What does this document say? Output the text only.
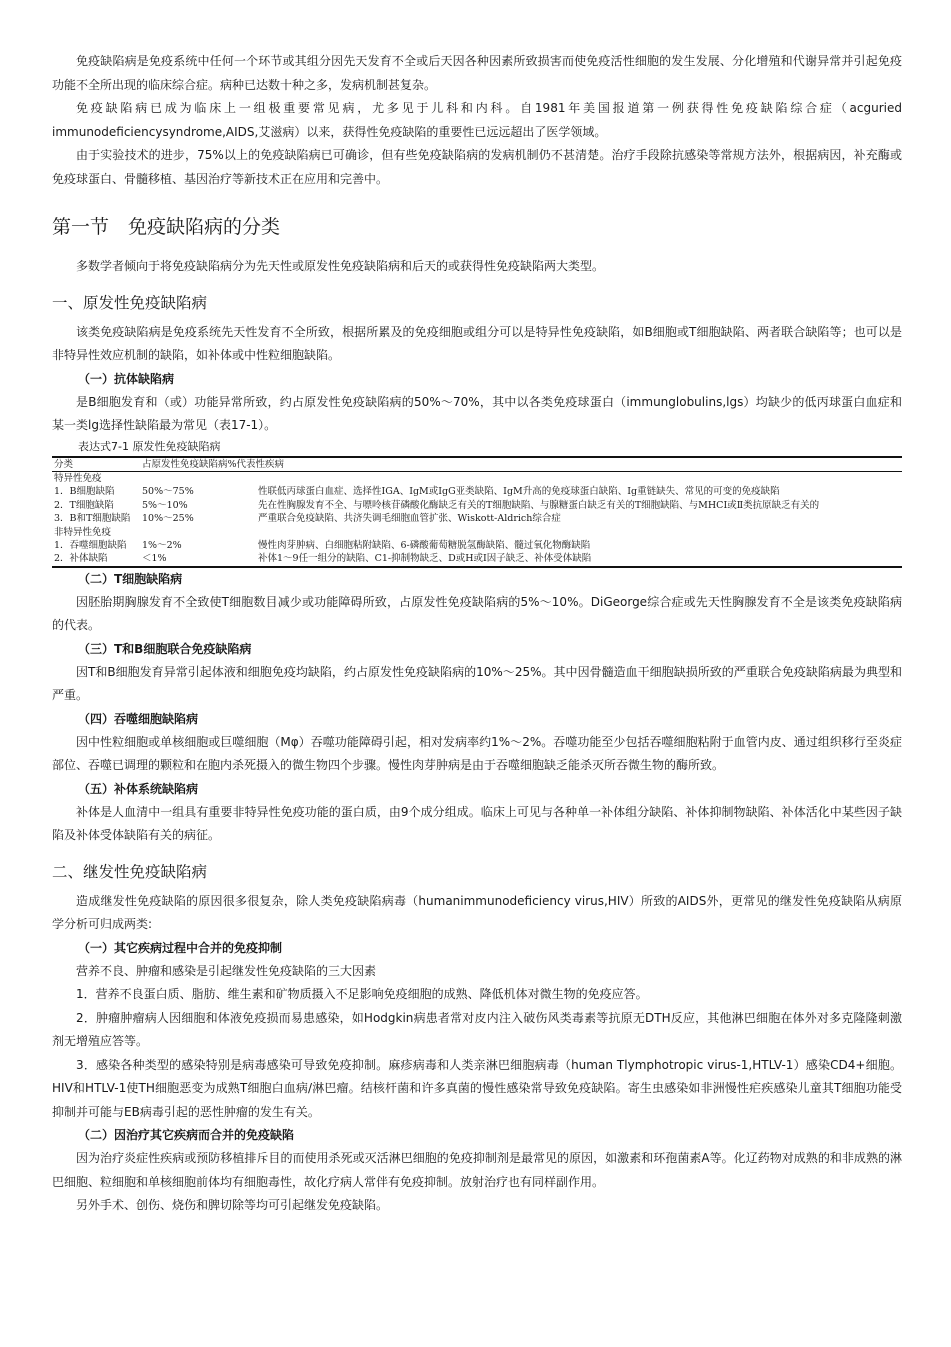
免疫缺陷病是免疫系统中任何一个环节或其组分因先天发育不全或后天因各种因素所致损害而使免疫活性细胞的发生发展、分化增殖和代谢异常并引起免疫功能不全所出现的临床综合症。病种已达数十种之多，发病机制甚复杂。

免疫缺陷病已成为临床上一组极重要常见病，尤多见于儿科和内科。自1981年美国报道第一例获得性免疫缺陷综合症（acguried immunodeficiencysyndrome,AIDS,艾滋病）以来，获得性免疫缺陷的重要性已远远超出了医学领域。

由于实验技术的进步，75%以上的免疫缺陷病已可确诊，但有些免疫缺陷病的发病机制仍不甚清楚。治疗手段除抗感染等常规方法外，根据病因，补充酶或免疫球蛋白、骨髓移植、基因治疗等新技术正在应用和完善中。

第一节　免疫缺陷病的分类

多数学者倾向于将免疫缺陷病分为先天性或原发性免疫缺陷病和后天的或获得性免疫缺陷两大类型。

一、原发性免疫缺陷病

该类免疫缺陷病是免疫系统先天性发育不全所致，根据所累及的免疫细胞或组分可以是特异性免疫缺陷，如B细胞或T细胞缺陷、两者联合缺陷等；也可以是非特异性效应机制的缺陷，如补体或中性粒细胞缺陷。

（一）抗体缺陷病

是B细胞发育和（或）功能异常所致，约占原发性免疫缺陷病的50%～70%，其中以各类免疫球蛋白（immunglobulins,lgs）均缺少的低丙球蛋白血症和某一类lg选择性缺陷最为常见（表17-1）。

表达式7-1 原发性免疫缺陷病
分类	占原发性免疫缺陷病%代表性疾病	
特异性免疫		
1．B细胞缺陷	50%～75%	性联低丙球蛋白血症、选择性IGA、IgM或IgG亚类缺陷、IgM升高的免疫球蛋白缺陷、Ig重链缺失、常见的可变的免疫缺陷
2．T细胞缺陷	5%～10%	先在性胸腺发育不全、与嘌呤核苷磷酸化酶缺乏有关的T细胞缺陷、与腺糖蛋白缺乏有关的T细胞缺陷、与MHCⅠ或Ⅱ类抗原缺乏有关的
3．B和T细胞缺陷	10%～25%	严重联合免疫缺陷、共济失调毛细胞血管扩张、Wiskott-Aldrich综合症
非特异性免疫		
1．吞噬细胞缺陷	1%～2%	慢性肉芽肿病、白细胞粘附缺陷、6-磷酸葡萄糖脱氢酶缺陷、髓过氧化物酶缺陷
2．补体缺陷	＜1%	补体1～9任一组分的缺陷、C1-抑制物缺乏、D或H或I因子缺乏、补体受体缺陷
（二）T细胞缺陷病

因胚胎期胸腺发育不全致使T细胞数目减少或功能障碍所致，占原发性免疫缺陷病的5%～10%。DiGeorge综合症或先天性胸腺发育不全是该类免疫缺陷病的代表。

（三）T和B细胞联合免疫缺陷病

因T和B细胞发育异常引起体液和细胞免疫均缺陷，约占原发性免疫缺陷病的10%～25%。其中因骨髓造血干细胞缺损所致的严重联合免疫缺陷病最为典型和严重。

（四）吞噬细胞缺陷病

因中性粒细胞或单核细胞或巨噬细胞（Mφ）吞噬功能障碍引起，相对发病率约1%～2%。吞噬功能至少包括吞噬细胞粘附于血管内皮、通过组织移行至炎症部位、吞噬已调理的颗粒和在胞内杀死摄入的微生物四个步骤。慢性肉芽肿病是由于吞噬细胞缺乏能杀灭所吞微生物的酶所致。

（五）补体系统缺陷病

补体是人血清中一组具有重要非特异性免疫功能的蛋白质，由9个成分组成。临床上可见与各种单一补体组分缺陷、补体抑制物缺陷、补体活化中某些因子缺陷及补体受体缺陷有关的病征。

二、继发性免疫缺陷病

造成继发性免疫缺陷的原因很多很复杂，除人类免疫缺陷病毒（humanimmunodeficiency virus,HIV）所致的AIDS外，更常见的继发性免疫缺陷从病原学分析可归成两类:

（一）其它疾病过程中合并的免疫抑制

营养不良、肿瘤和感染是引起继发性免疫缺陷的三大因素

1．营养不良蛋白质、脂肪、维生素和矿物质摄入不足影响免疫细胞的成熟、降低机体对微生物的免疫应答。

2．肿瘤肿瘤病人因细胞和体液免疫损而易患感染，如Hodgkin病患者常对皮内注入破伤风类毒素等抗原无DTH反应，其他淋巴细胞在体外对多克隆隆刺激剂无增殖应答等。

3．感染各种类型的感染特别是病毒感染可导致免疫抑制。麻疹病毒和人类亲淋巴细胞病毒（human Tlymphotropic virus-1,HTLV-1）感染CD4+细胞。HIV和HTLV-1使TH细胞恶变为成熟T细胞白血病/淋巴瘤。结核杆菌和许多真菌的慢性感染常导致免疫缺陷。寄生虫感染如非洲慢性疟疾感染儿童其T细胞功能受抑制并可能与EB病毒引起的恶性肿瘤的发生有关。

（二）因治疗其它疾病而合并的免疫缺陷

因为治疗炎症性疾病或预防移植排斥目的而使用杀死或灭活淋巴细胞的免疫抑制剂是最常见的原因，如激素和环孢菌素A等。化辽药物对成熟的和非成熟的淋巴细胞、粒细胞和单核细胞前体均有细胞毒性，故化疗病人常伴有免疫抑制。放射治疗也有同样副作用。

另外手术、创伤、烧伤和脾切除等均可引起继发免疫缺陷。
